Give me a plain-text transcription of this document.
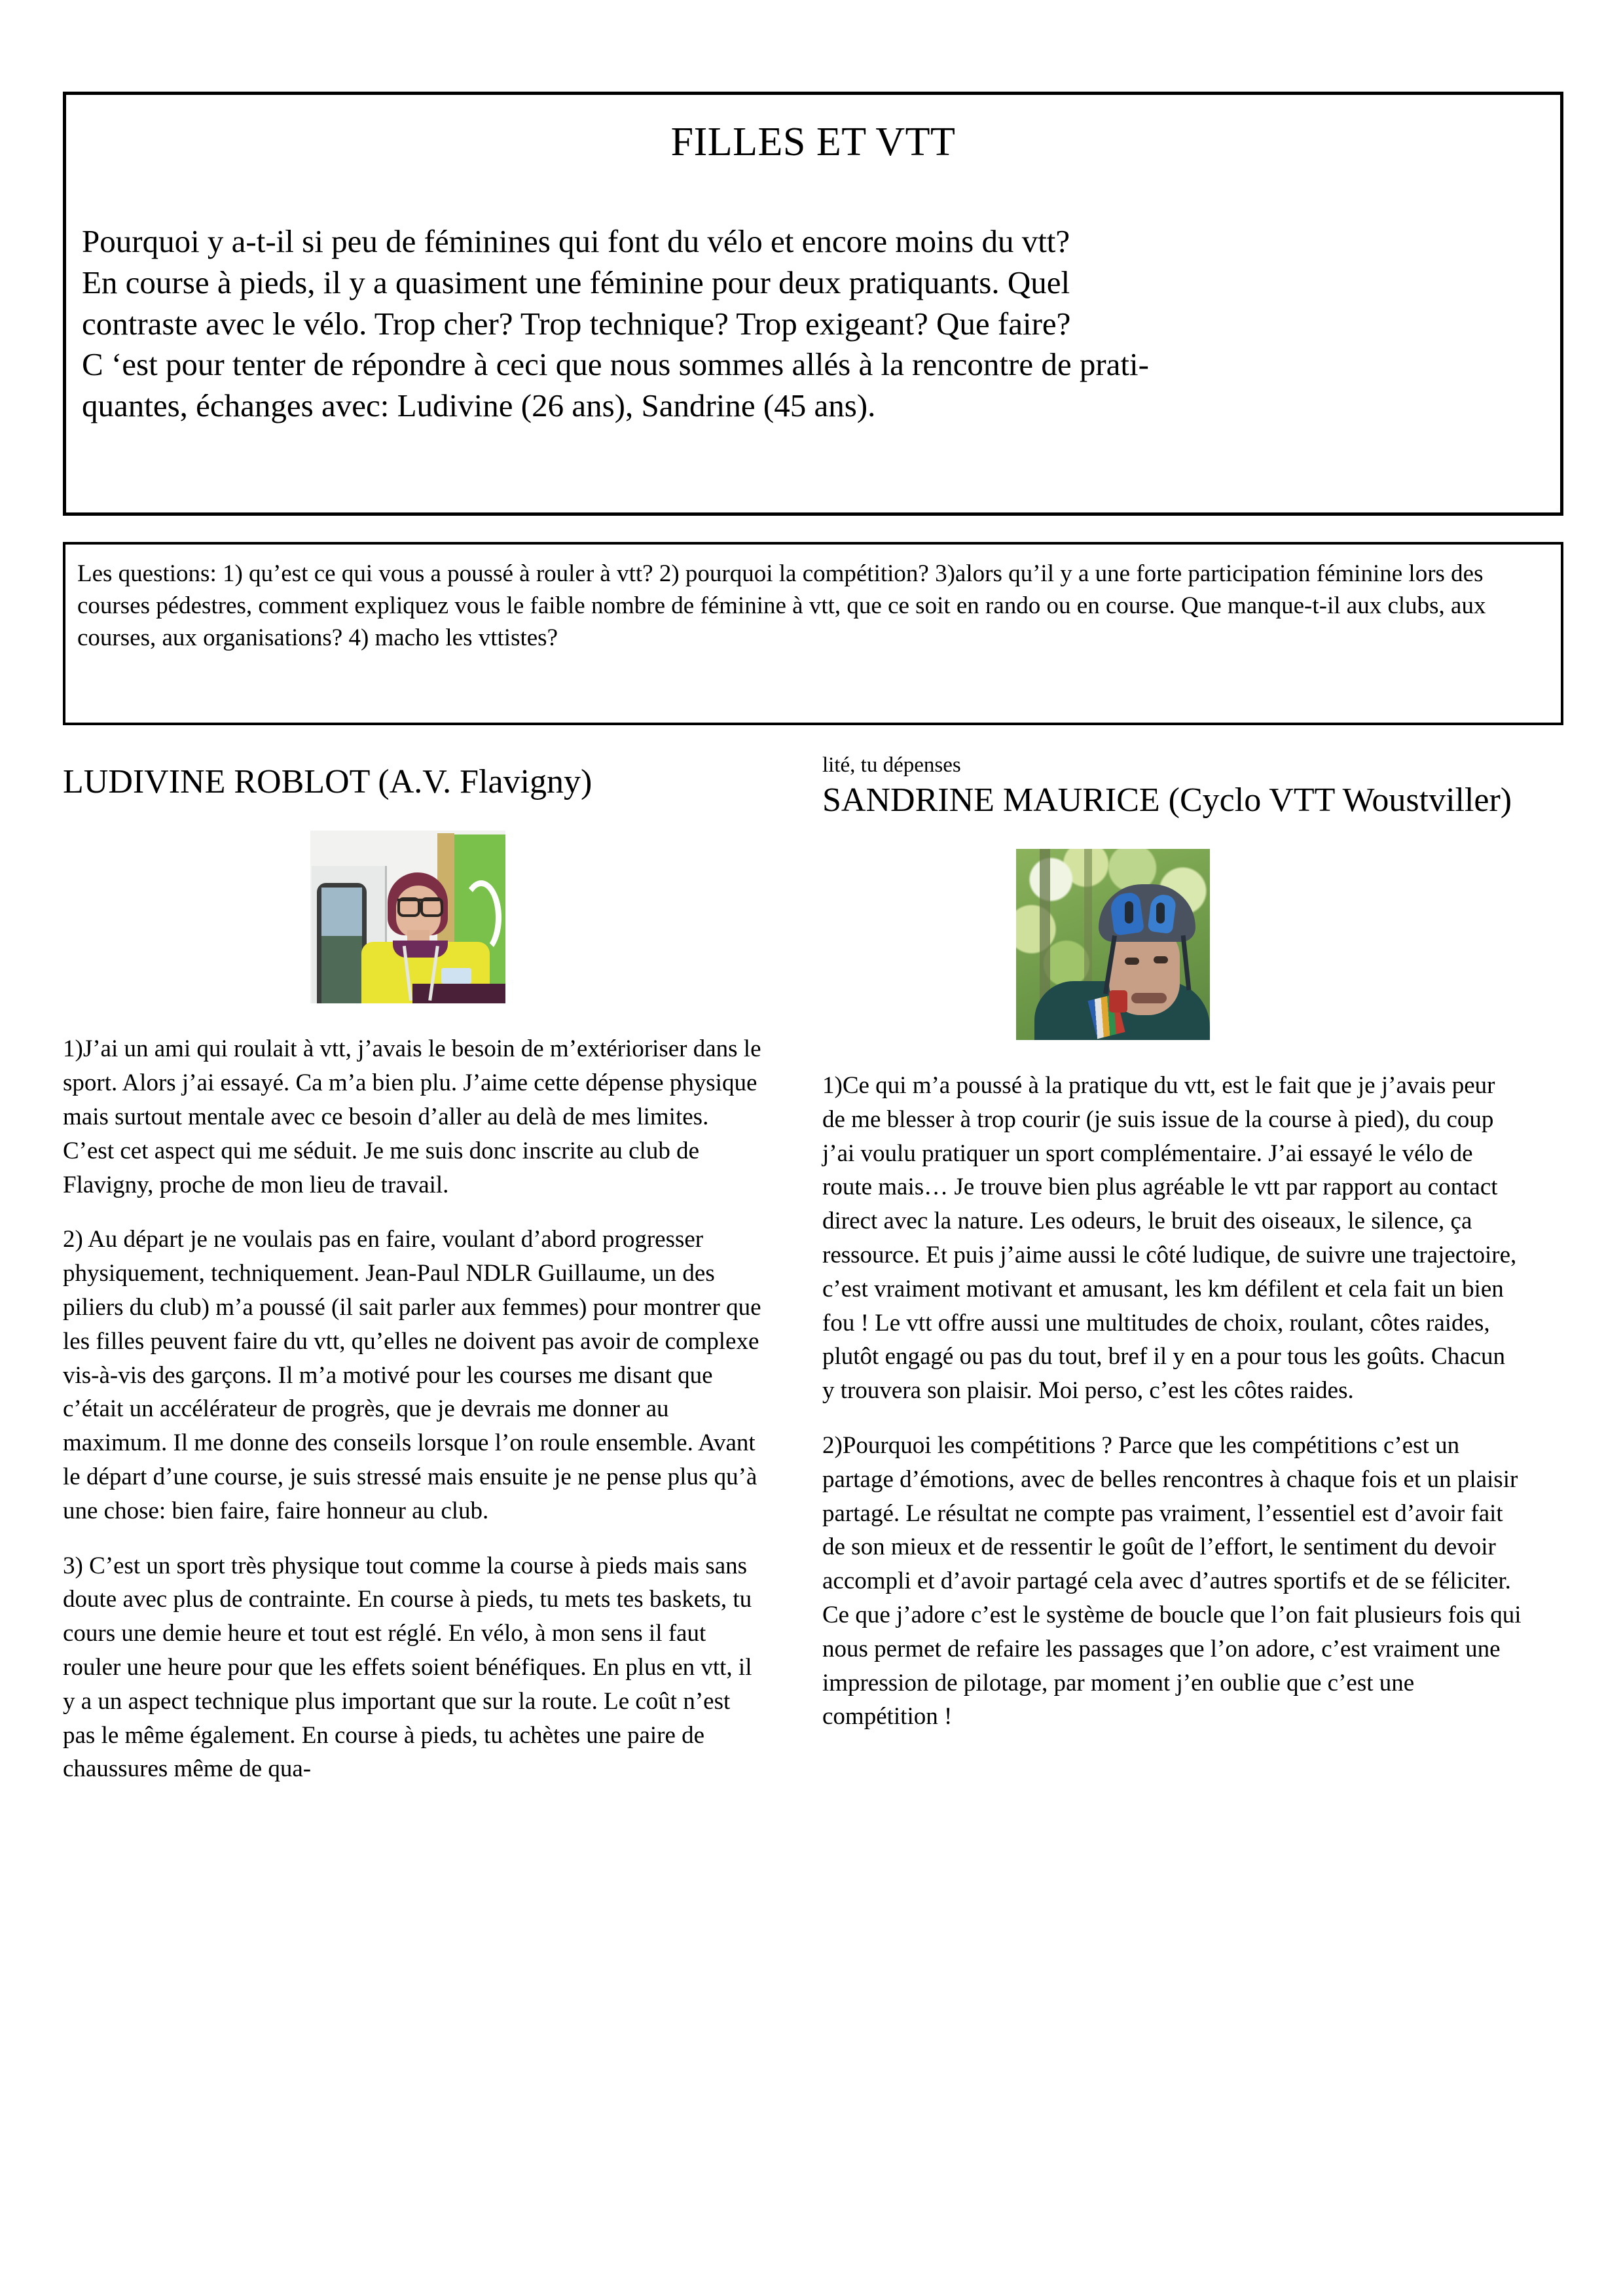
FILLES ET VTT
Pourquoi y a-t-il si peu de féminines qui font du vélo et encore moins du vtt?
En course à pieds, il y a quasiment une féminine pour deux pratiquants. Quel
contraste avec le vélo. Trop cher? Trop technique? Trop exigeant? Que faire?
C ‘est pour tenter de répondre à ceci que nous sommes allés à la rencontre de prati-
quantes, échanges avec: Ludivine (26 ans), Sandrine (45 ans).

Les questions: 1) qu’est ce qui vous a poussé à rouler à vtt? 2) pourquoi la compétition? 3)alors qu’il y a une forte participation féminine lors des courses pédestres, comment expliquez vous le faible nombre de féminine à vtt, que ce soit en rando ou en course. Que manque-t-il aux clubs, aux courses, aux organisations? 4) macho les vttistes?

LUDIVINE ROBLOT (A.V. Flavigny)

1)J’ai un ami qui roulait à vtt, j’avais le besoin de m’extérioriser dans le sport. Alors j’ai essayé. Ca m’a bien plu. J’aime cette dépense physique mais surtout mentale avec ce besoin d’aller au delà de mes limites. C’est cet aspect qui me séduit. Je me suis donc inscrite au club de Flavigny, proche de mon lieu de travail.

2) Au départ je ne voulais pas en faire, voulant d’abord progresser physiquement, techniquement. Jean-Paul NDLR Guillaume, un des piliers du club) m’a poussé (il sait parler aux femmes) pour montrer que les filles peuvent faire du vtt, qu’elles ne doivent pas avoir de complexe vis-à-vis des garçons. Il m’a motivé pour les courses me disant que c’était un accélérateur de progrès, que je devrais me donner au maximum. Il me donne des conseils lorsque l’on roule ensemble. Avant le départ d’une course, je suis stressé mais ensuite je ne pense plus qu’à une chose: bien faire, faire honneur au club.

3) C’est un sport très physique tout comme la course à pieds mais sans doute avec plus de contrainte. En course à pieds, tu mets tes baskets, tu cours une demie heure et tout est réglé. En vélo, à mon sens il faut rouler une heure pour que les effets soient bénéfiques. En plus en vtt, il y a un aspect technique plus important que sur la route. Le coût n’est pas le même également. En course à pieds, tu achètes une paire de chaussures même de qua-

lité, tu dépenses

SANDRINE MAURICE (Cyclo VTT Woustviller)

1)Ce qui m’a poussé à la pratique du vtt, est le fait que je j’avais peur de me blesser à trop courir (je suis issue de la course à pied), du coup j’ai voulu pratiquer un sport complémentaire. J’ai essayé le vélo de route mais… Je trouve bien plus agréable le vtt par rapport au contact direct avec la nature. Les odeurs, le bruit des oiseaux, le silence, ça ressource. Et puis j’aime aussi le côté ludique, de suivre une trajectoire, c’est vraiment motivant et amusant, les km défilent et cela fait un bien fou ! Le vtt offre aussi une multitudes de choix, roulant, côtes raides, plutôt engagé ou pas du tout, bref il y en a pour tous les goûts. Chacun y trouvera son plaisir. Moi perso, c’est les côtes raides.

2)Pourquoi les compétitions ? Parce que les compétitions c’est un partage d’émotions, avec de belles rencontres à chaque fois et un plaisir partagé. Le résultat ne compte pas vraiment, l’essentiel est d’avoir fait de son mieux et de ressentir le goût de l’effort, le sentiment du devoir accompli et d’avoir partagé cela avec d’autres sportifs et de se féliciter. Ce que j’adore c’est le système de boucle que l’on fait plusieurs fois qui nous permet de refaire les passages que l’on adore, c’est vraiment une impression de pilotage, par moment j’en oublie que c’est une compétition !
